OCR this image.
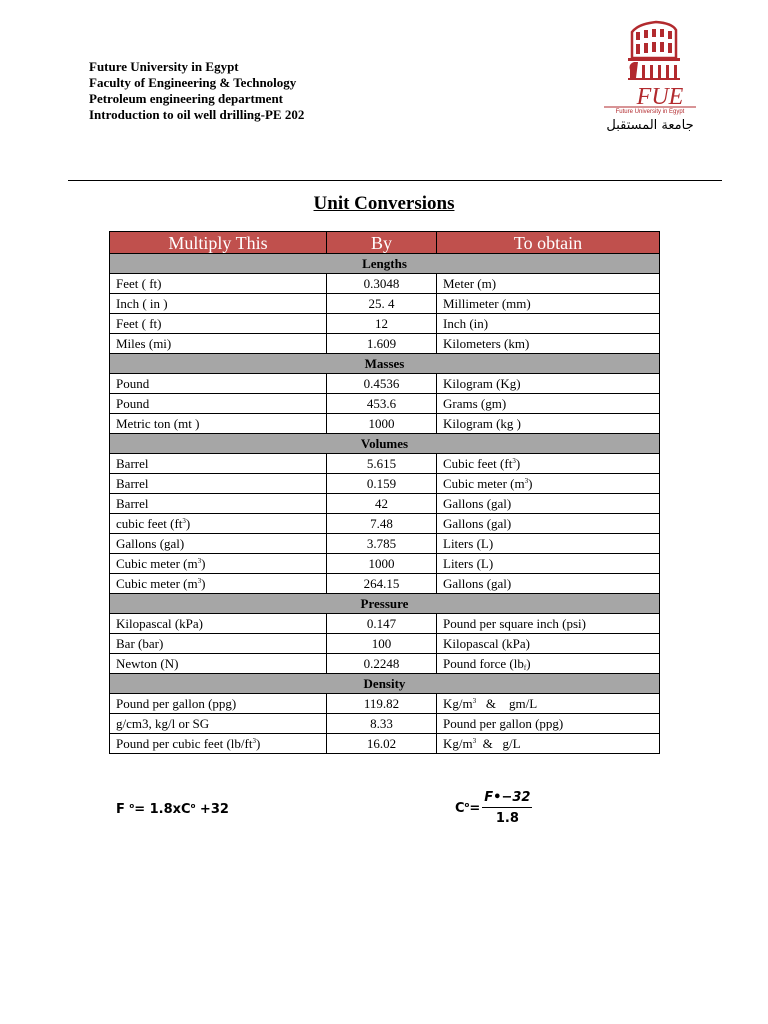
Future University in Egypt
Faculty of Engineering & Technology
Petroleum engineering department
Introduction to oil well drilling-PE 202
FUE
Future University in Egypt
جامعة المستقبل
Unit Conversions
Multiply This	By	To obtain
Lengths		
Feet ( ft)	0.3048	Meter (m)
Inch ( in )	25. 4	Millimeter (mm)
Feet ( ft)	12	Inch (in)
Miles (mi)	1.609	Kilometers (km)
Masses		
Pound	0.4536	Kilogram (Kg)
Pound	453.6	Grams (gm)
Metric ton (mt )	1000	Kilogram (kg )
Volumes		
Barrel	5.615	Cubic feet $(ft^3)$
Barrel	0.159	Cubic meter $(m^3)$
Barrel	42	Gallons (gal)
cubic feet $(ft^3)$	7.48	Gallons (gal)
Gallons (gal)	3.785	Liters (L)
Cubic meter $(m^3)$	1000	Liters (L)
Cubic meter $(m^3)$	264.15	Gallons (gal)
Pressure		
Kilopascal (kPa)	0.147	Pound per square inch (psi)
Bar (bar)	100	Kilopascal (kPa)
Newton (N)	0.2248	Pound force $(lb_f)$
Density		
Pound per gallon (ppg)	119.82	$Kg/m^3$   &    gm/L
g/cm3, kg/l or SG	8.33	Pound per gallon (ppg)
Pound per cubic feet $(lb/ft^3)$	16.02	$Kg/m^3$  &   g/L
F $^o= 1.8xC^o +32$	$C^o= \frac{F•-32}{1.8}$
